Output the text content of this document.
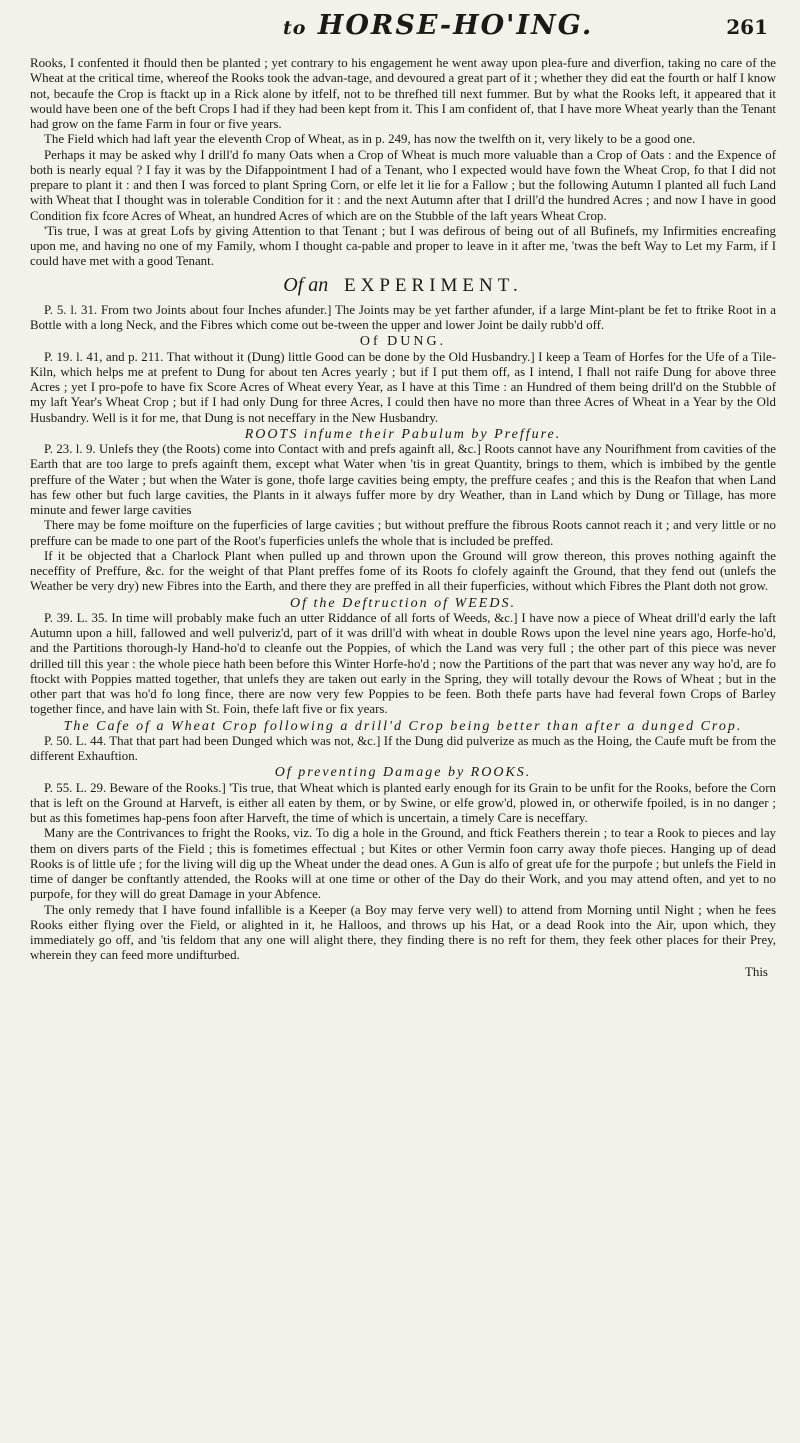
to HORSE-HO'ING.	261

Rooks, I confented it fhould then be planted ; yet contrary to his engagement he went away upon plea-fure and diverfion, taking no care of the Wheat at the critical time, whereof the Rooks took the advan-tage, and devoured a great part of it ; whether they did eat the fourth or half I know not, becaufe the Crop is ftackt up in a Rick alone by itfelf, not to be threfhed till next fummer. But by what the Rooks left, it appeared that it would have been one of the beft Crops I had if they had been kept from it. This I am confident of, that I have more Wheat yearly than the Tenant had grow on the fame Farm in four or five years.

The Field which had laft year the eleventh Crop of Wheat, as in p. 249, has now the twelfth on it, very likely to be a good one.

Perhaps it may be asked why I drill'd fo many Oats when a Crop of Wheat is much more valuable than a Crop of Oats : and the Expence of both is nearly equal ? I fay it was by the Difappointment I had of a Tenant, who I expected would have fown the Wheat Crop, fo that I did not prepare to plant it : and then I was forced to plant Spring Corn, or elfe let it lie for a Fallow ; but the following Autumn I planted all fuch Land with Wheat that I thought was in tolerable Condition for it : and the next Autumn after that I drill'd the hundred Acres ; and now I have in good Condition fix fcore Acres of Wheat, an hundred Acres of which are on the Stubble of the laft years Wheat Crop.

'Tis true, I was at great Lofs by giving Attention to that Tenant ; but I was defirous of being out of all Bufinefs, my Infirmities encreafing upon me, and having no one of my Family, whom I thought ca-pable and proper to leave in it after me, 'twas the beft Way to Let my Farm, if I could have met with a good Tenant.

Of an EXPERIMENT.

P. 5. l. 31. From two Joints about four Inches afunder.] The Joints may be yet farther afunder, if a large Mint-plant be fet to ftrike Root in a Bottle with a long Neck, and the Fibres which come out be-tween the upper and lower Joint be daily rubb'd off.

Of DUNG.

P. 19. l. 41, and p. 211. That without it (Dung) little Good can be done by the Old Husbandry.] I keep a Team of Horfes for the Ufe of a Tile-Kiln, which helps me at prefent to Dung for about ten Acres yearly ; but if I put them off, as I intend, I fhall not raife Dung for above three Acres ; yet I pro-pofe to have fix Score Acres of Wheat every Year, as I have at this Time : an Hundred of them being drill'd on the Stubble of my laft Year's Wheat Crop ; but if I had only Dung for three Acres, I could then have no more than three Acres of Wheat in a Year by the Old Husbandry. Well is it for me, that Dung is not neceffary in the New Husbandry.

ROOTS infume their Pabulum by Preffure.

P. 23. l. 9. Unlefs they (the Roots) come into Contact with and prefs againft all, &c.] Roots cannot have any Nourifhment from cavities of the Earth that are too large to prefs againft them, except what Water when 'tis in great Quantity, brings to them, which is imbibed by the gentle preffure of the Water ; but when the Water is gone, thofe large cavities being empty, the preffure ceafes ; and this is the Reafon that when Land has few other but fuch large cavities, the Plants in it always fuffer more by dry Weather, than in Land which by Dung or Tillage, has more minute and fewer large cavities

There may be fome moifture on the fuperficies of large cavities ; but without preffure the fibrous Roots cannot reach it ; and very little or no preffure can be made to one part of the Root's fuperficies unlefs the whole that is included be preffed.

If it be objected that a Charlock Plant when pulled up and thrown upon the Ground will grow thereon, this proves nothing againft the neceffity of Preffure, &c. for the weight of that Plant preffes fome of its Roots fo clofely againft the Ground, that they fend out (unlefs the Weather be very dry) new Fibres into the Earth, and there they are preffed in all their fuperficies, without which Fibres the Plant doth not grow.

Of the Deftruction of WEEDS.

P. 39. L. 35. In time will probably make fuch an utter Riddance of all forts of Weeds, &c.] I have now a piece of Wheat drill'd early the laft Autumn upon a hill, fallowed and well pulveriz'd, part of it was drill'd with wheat in double Rows upon the level nine years ago, Horfe-ho'd, and the Partitions thorough-ly Hand-ho'd to cleanfe out the Poppies, of which the Land was very full ; the other part of this piece was never drilled till this year : the whole piece hath been before this Winter Horfe-ho'd ; now the Partitions of the part that was never any way ho'd, are fo ftockt with Poppies matted together, that unlefs they are taken out early in the Spring, they will totally devour the Rows of Wheat ; but in the other part that was ho'd fo long fince, there are now very few Poppies to be feen. Both thefe parts have had feveral fown Crops of Barley together fince, and have lain with St. Foin, thefe laft five or fix years.

The Cafe of a Wheat Crop following a drill'd Crop being better than after a dunged Crop.

P. 50. L. 44. That that part had been Dunged which was not, &c.] If the Dung did pulverize as much as the Hoing, the Caufe muft be from the different Exhauftion.

Of preventing Damage by ROOKS.

P. 55. L. 29. Beware of the Rooks.] 'Tis true, that Wheat which is planted early enough for its Grain to be unfit for the Rooks, before the Corn that is left on the Ground at Harveft, is either all eaten by them, or by Swine, or elfe grow'd, plowed in, or otherwife fpoiled, is in no danger ; but as this fometimes hap-pens foon after Harveft, the time of which is uncertain, a timely Care is neceffary.

Many are the Contrivances to fright the Rooks, viz. To dig a hole in the Ground, and ftick Feathers therein ; to tear a Rook to pieces and lay them on divers parts of the Field ; this is fometimes effectual ; but Kites or other Vermin foon carry away thofe pieces. Hanging up of dead Rooks is of little ufe ; for the living will dig up the Wheat under the dead ones. A Gun is alfo of great ufe for the purpofe ; but unlefs the Field in time of danger be conftantly attended, the Rooks will at one time or other of the Day do their Work, and you may attend often, and yet to no purpofe, for they will do great Damage in your Abfence.

The only remedy that I have found infallible is a Keeper (a Boy may ferve very well) to attend from Morning until Night ; when he fees Rooks either flying over the Field, or alighted in it, he Halloos, and throws up his Hat, or a dead Rook into the Air, upon which, they immediately go off, and 'tis feldom that any one will alight there, they finding there is no reft for them, they feek other places for their Prey, wherein they can feed more undifturbed.

This
